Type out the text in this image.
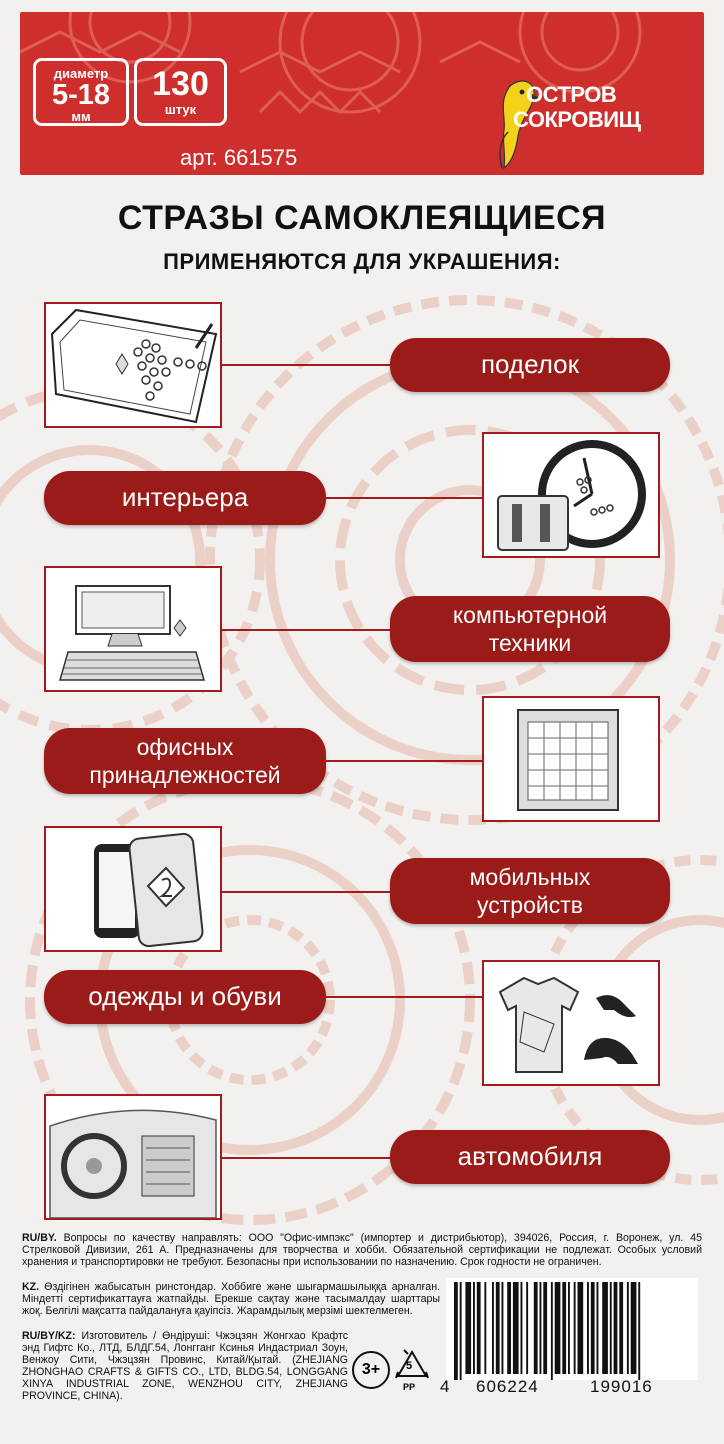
диаметр
5-18
мм
130
штук
арт. 661575
ОСТРОВ
СОКРОВИЩ
СТРАЗЫ САМОКЛЕЯЩИЕСЯ
ПРИМЕНЯЮТСЯ ДЛЯ УКРАШЕНИЯ:
поделок
интерьера
компьютерной
техники
офисных
принадлежностей
мобильных
устройств
одежды и обуви
автомобиля
RU/BY. Вопросы по качеству направлять: ООО "Офис-импэкс" (импортер и дистрибьютор), 394026, Россия, г. Воронеж, ул. 45 Стрелковой Дивизии, 261 А. Предназначены для творчества и хобби. Обязательной сертификации не подлежат. Особых условий хранения и транспортировки не требуют. Безопасны при использовании по назначению. Срок годности не ограничен.
KZ. Өздігінен жабысатын ринстондар. Хоббиге және шығармашылыққа арналған. Міндетті сертификаттауға жатпайды. Ерекше сақтау және тасымалдау шарттары жоқ. Белгілі мақсатта пайдалануға қауіпсіз. Жарамдылық мерзімі шектелмеген.
RU/BY/KZ: Изготовитель / Өндіруші: Чжэцзян Жонгхао Крафтс энд Гифтс Ко., ЛТД, БЛДГ.54, Лонгганг Ксинья Индастриал Зоун, Венжоу Сити, Чжэцзян Провинс, Китай/Қытай. (ZHEJIANG ZHONGHAO CRAFTS & GIFTS CO., LTD, BLDG.54, LONGGANG XINYA INDUSTRIAL ZONE, WENZHOU CITY, ZHEJIANG PROVINCE, CHINA).
3+	5
PP 4 606224	199016
